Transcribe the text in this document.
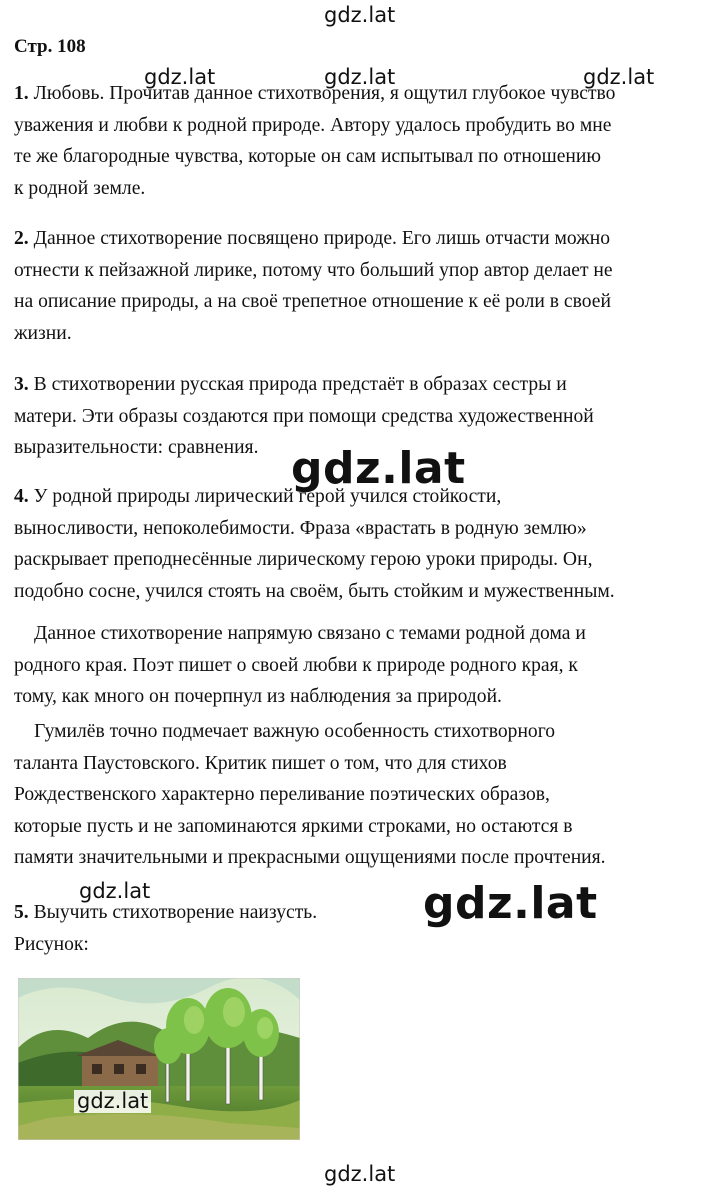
gdz.lat
gdz.lat	gdz.lat	gdz.lat
Стр. 108
1. Любовь. Прочитав данное стихотворения, я ощутил глубокое чувство
уважения и любви к родной природе. Автору удалось пробудить во мне
те же благородные чувства, которые он сам испытывал по отношению
к родной земле.
2. Данное стихотворение посвящено природе. Его лишь отчасти можно
отнести к пейзажной лирике, потому что больший упор автор делает не
на описание природы, а на своё трепетное отношение к её роли в своей
жизни.
3. В стихотворении русская природа предстаёт в образах сестры и
матери. Эти образы создаются при помощи средства художественной
выразительности: сравнения. gdz.lat
4. У родной природы лирический герой учился стойкости,
выносливости, непоколебимости. Фраза «врастать в родную землю»
раскрывает преподнесённые лирическому герою уроки природы. Он,
подобно сосне, учился стоять на своём, быть стойким и мужественным.
Данное стихотворение напрямую связано с темами родной дома и
родного края. Поэт пишет о своей любви к природе родного края, к
тому, как много он почерпнул из наблюдения за природой.
Гумилёв точно подмечает важную особенность стихотворного
таланта Паустовского. Критик пишет о том, что для стихов
Рождественского характерно переливание поэтических образов,
которые пусть и не запоминаются яркими строками, но остаются в
памяти значительными и прекрасными ощущениями после прочтения.
gdz.lat	gdz.lat
5. Выучить стихотворение наизусть.
Рисунок:
gdz.lat
gdz.lat
